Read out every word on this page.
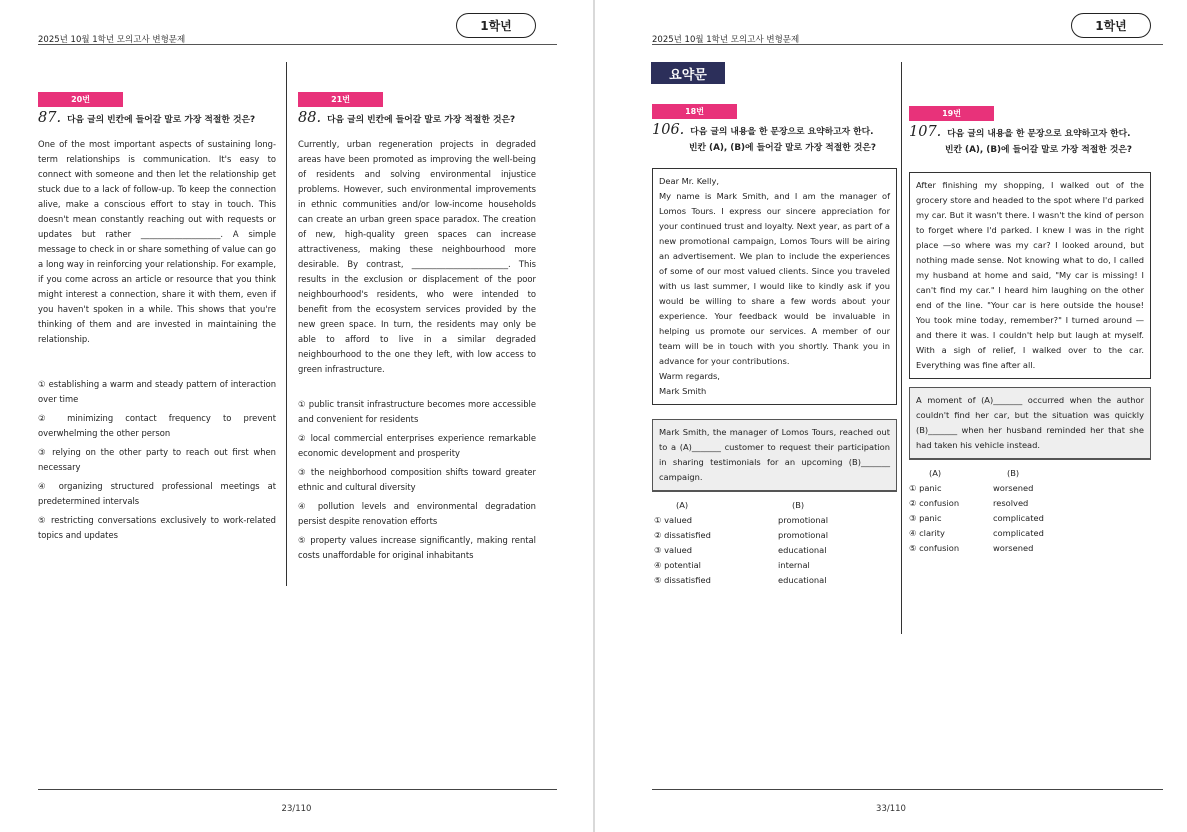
1학년
2025년 10월 1학년 모의고사 변형문제
20번
87. 다음 글의 빈칸에 들어갈 말로 가장 적절한 것은?
One of the most important aspects of sustaining long-term relationships is communication. It's easy to connect with someone and then let the relationship get stuck due to a lack of follow-up. To keep the connection alive, make a conscious effort to stay in touch. This doesn't mean constantly reaching out with requests or updates but rather ___________________. A simple message to check in or share something of value can go a long way in reinforcing your relationship. For example, if you come across an article or resource that you think might interest a connection, share it with them, even if you haven't spoken in a while. This shows that you're thinking of them and are invested in maintaining the relationship.
① establishing a warm and steady pattern of interaction over time
② minimizing contact frequency to prevent overwhelming the other person
③ relying on the other party to reach out first when necessary
④ organizing structured professional meetings at predetermined intervals
⑤ restricting conversations exclusively to work-related topics and updates
21번
88. 다음 글의 빈칸에 들어갈 말로 가장 적절한 것은?
Currently, urban regeneration projects in degraded areas have been promoted as improving the well-being of residents and solving environmental injustice problems. However, such environmental improvements in ethnic communities and/or low-income households can create an urban green space paradox. The creation of new, high-quality green spaces can increase attractiveness, making these neighbourhood more desirable. By contrast, _______________________. This results in the exclusion or displacement of the poor neighbourhood's residents, who were intended to benefit from the ecosystem services provided by the new green space. In turn, the residents may only be able to afford to live in a similar degraded neighbourhood to the one they left, with low access to green infrastructure.
① public transit infrastructure becomes more accessible and convenient for residents
② local commercial enterprises experience remarkable economic development and prosperity
③ the neighborhood composition shifts toward greater ethnic and cultural diversity
④ pollution levels and environmental degradation persist despite renovation efforts
⑤ property values increase significantly, making rental costs unaffordable for original inhabitants
23/110
1학년
2025년 10월 1학년 모의고사 변형문제
요약문
18번
106. 다음 글의 내용을 한 문장으로 요약하고자 한다.
빈칸 (A), (B)에 들어갈 말로 가장 적절한 것은?
Dear Mr. Kelly,
My name is Mark Smith, and I am the manager of Lomos Tours. I express our sincere appreciation for your continued trust and loyalty. Next year, as part of a new promotional campaign, Lomos Tours will be airing an advertisement. We plan to include the experiences of some of our most valued clients. Since you traveled with us last summer, I would like to kindly ask if you would be willing to share a few words about your experience. Your feedback would be invaluable in helping us promote our services. A member of our team will be in touch with you shortly. Thank you in advance for your contributions.
Warm regards,
Mark Smith
Mark Smith, the manager of Lomos Tours, reached out to a (A)_______ customer to request their participation in sharing testimonials for an upcoming (B)_______ campaign.
(A)	(B)
① valued	promotional
② dissatisfied	promotional
③ valued	educational
④ potential	internal
⑤ dissatisfied	educational
19번
107. 다음 글의 내용을 한 문장으로 요약하고자 한다.
빈칸 (A), (B)에 들어갈 말로 가장 적절한 것은?
After finishing my shopping, I walked out of the grocery store and headed to the spot where I'd parked my car. But it wasn't there. I wasn't the kind of person to forget where I'd parked. I knew I was in the right place —so where was my car? I looked around, but nothing made sense. Not knowing what to do, I called my husband at home and said, "My car is missing! I can't find my car." I heard him laughing on the other end of the line. "Your car is here outside the house! You took mine today, remember?" I turned around —and there it was. I couldn't help but laugh at myself. With a sigh of relief, I walked over to the car. Everything was fine after all.
A moment of (A)_______ occurred when the author couldn't find her car, but the situation was quickly (B)_______ when her husband reminded her that she had taken his vehicle instead.
(A)	(B)
① panic	worsened
② confusion	resolved
③ panic	complicated
④ clarity	complicated
⑤ confusion	worsened
33/110
